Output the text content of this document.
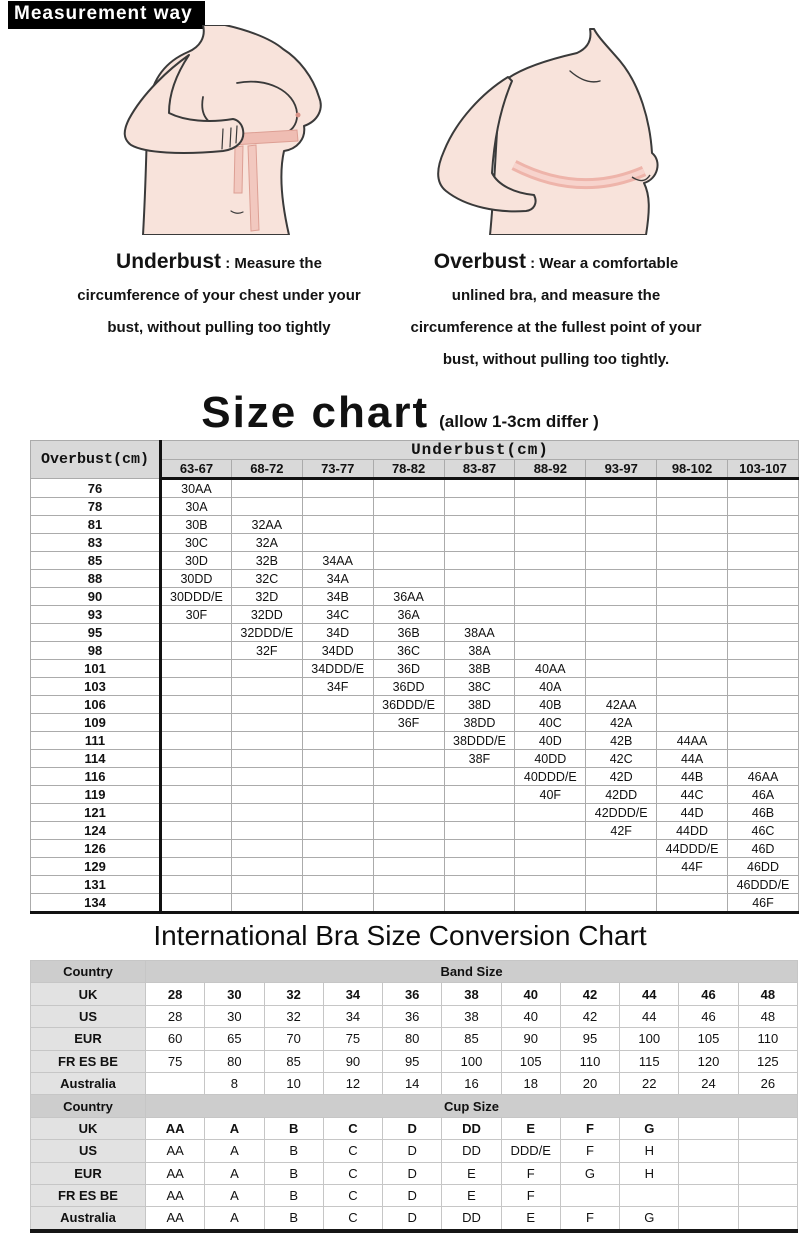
Measurement way
Underbust : Measure the
circumference of your chest under your
bust, without pulling too tightly
Overbust : Wear a comfortable
unlined bra, and measure the
circumference at the fullest point of your
bust, without pulling too tightly.
Size chart (allow 1-3cm differ )
Overbust(cm)	Underbust(cm)								
	63-67	68-72	73-77	78-82	83-87	88-92	93-97	98-102	103-107
76	30AA								
78	30A								
81	30B	32AA							
83	30C	32A							
85	30D	32B	34AA						
88	30DD	32C	34A						
90	30DDD/E	32D	34B	36AA					
93	30F	32DD	34C	36A					
95		32DDD/E	34D	36B	38AA				
98		32F	34DD	36C	38A				
101			34DDD/E	36D	38B	40AA			
103			34F	36DD	38C	40A			
106				36DDD/E	38D	40B	42AA		
109				36F	38DD	40C	42A		
111					38DDD/E	40D	42B	44AA	
114					38F	40DD	42C	44A	
116						40DDD/E	42D	44B	46AA
119						40F	42DD	44C	46A
121							42DDD/E	44D	46B
124							42F	44DD	46C
126								44DDD/E	46D
129								44F	46DD
131									46DDD/E
134									46F
International Bra Size Conversion Chart
Country	Band Size										
UK	28	30	32	34	36	38	40	42	44	46	48
US	28	30	32	34	36	38	40	42	44	46	48
EUR	60	65	70	75	80	85	90	95	100	105	110
FR ES BE	75	80	85	90	95	100	105	110	115	120	125
Australia		8	10	12	14	16	18	20	22	24	26
Country	Cup Size										
UK	AA	A	B	C	D	DD	E	F	G		
US	AA	A	B	C	D	DD	DDD/E	F	H		
EUR	AA	A	B	C	D	E	F	G	H		
FR ES BE	AA	A	B	C	D	E	F				
Australia	AA	A	B	C	D	DD	E	F	G		
